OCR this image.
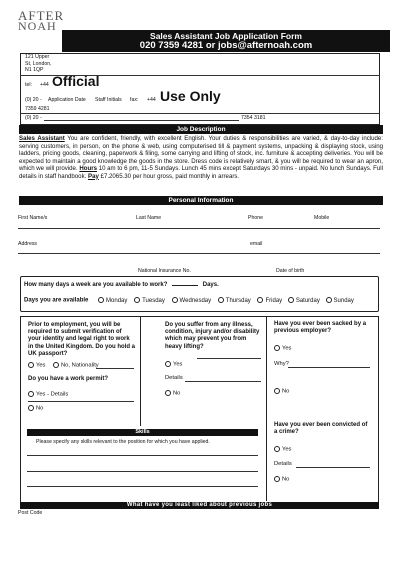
AFTER
NOAH
Sales Assistant Job Application Form
020 7359 4281 or jobs@afternoah.com
121 Upper
St, London,
N1 1QP
tel: +44 Official
(0) 20 - Application Date Staff Initials fax: +44 Use Only
7359 4281
(0) 20 -	7354 3181
Job Description
Sales Assistant You are confident, friendly, with excellent English. Your duties & responsibilities are varied, & day-to-day include: serving customers, in person, on the phone & web, using computerised till & payment systems, unpacking & displaying stock, using ladders, pricing goods, cleaning, paperwork & filing, some carrying and lifting of stock, inc. furniture & accepting deliveries. You will be expected to maintain a good knowledge the goods in the store. Dress code is relatively smart, & you will be required to wear an apron, which we will provide. Hours 10 am to 6 pm, 11-5 Sundays. Lunch 45 mins except Saturdays 30 mins - unpaid. No lunch Sundays. Full details in staff handbook. Pay £7.2065.30 per hour gross, paid monthly in arrears.
Personal Information
First Name/s	Last Name	Phone	Mobile
Address	email
National Insurance No.	Date of birth
How many days a week are you available to work?	Days.
Days you are available	Monday Tuesday Wednesday Thursday Friday Saturday Sunday
Prior to employment, you will be required to submit verification of your identity and legal right to work in the United Kingdom. Do you hold a UK passport?
Yes	No, Nationality
Do you have a work permit?
Yes - Details
No
Do you suffer from any illness, condition, injury and/or disability which may prevent you from heavy lifting?
Yes
Details
No
Have you ever been sacked by a previous employer?
Yes
Why?
No
Have you ever been convicted of a crime?
Yes
Details
No
Skills
Please specify any skills relevant to the position for which you have applied.
What have you least liked about previous jobs
Post Code
